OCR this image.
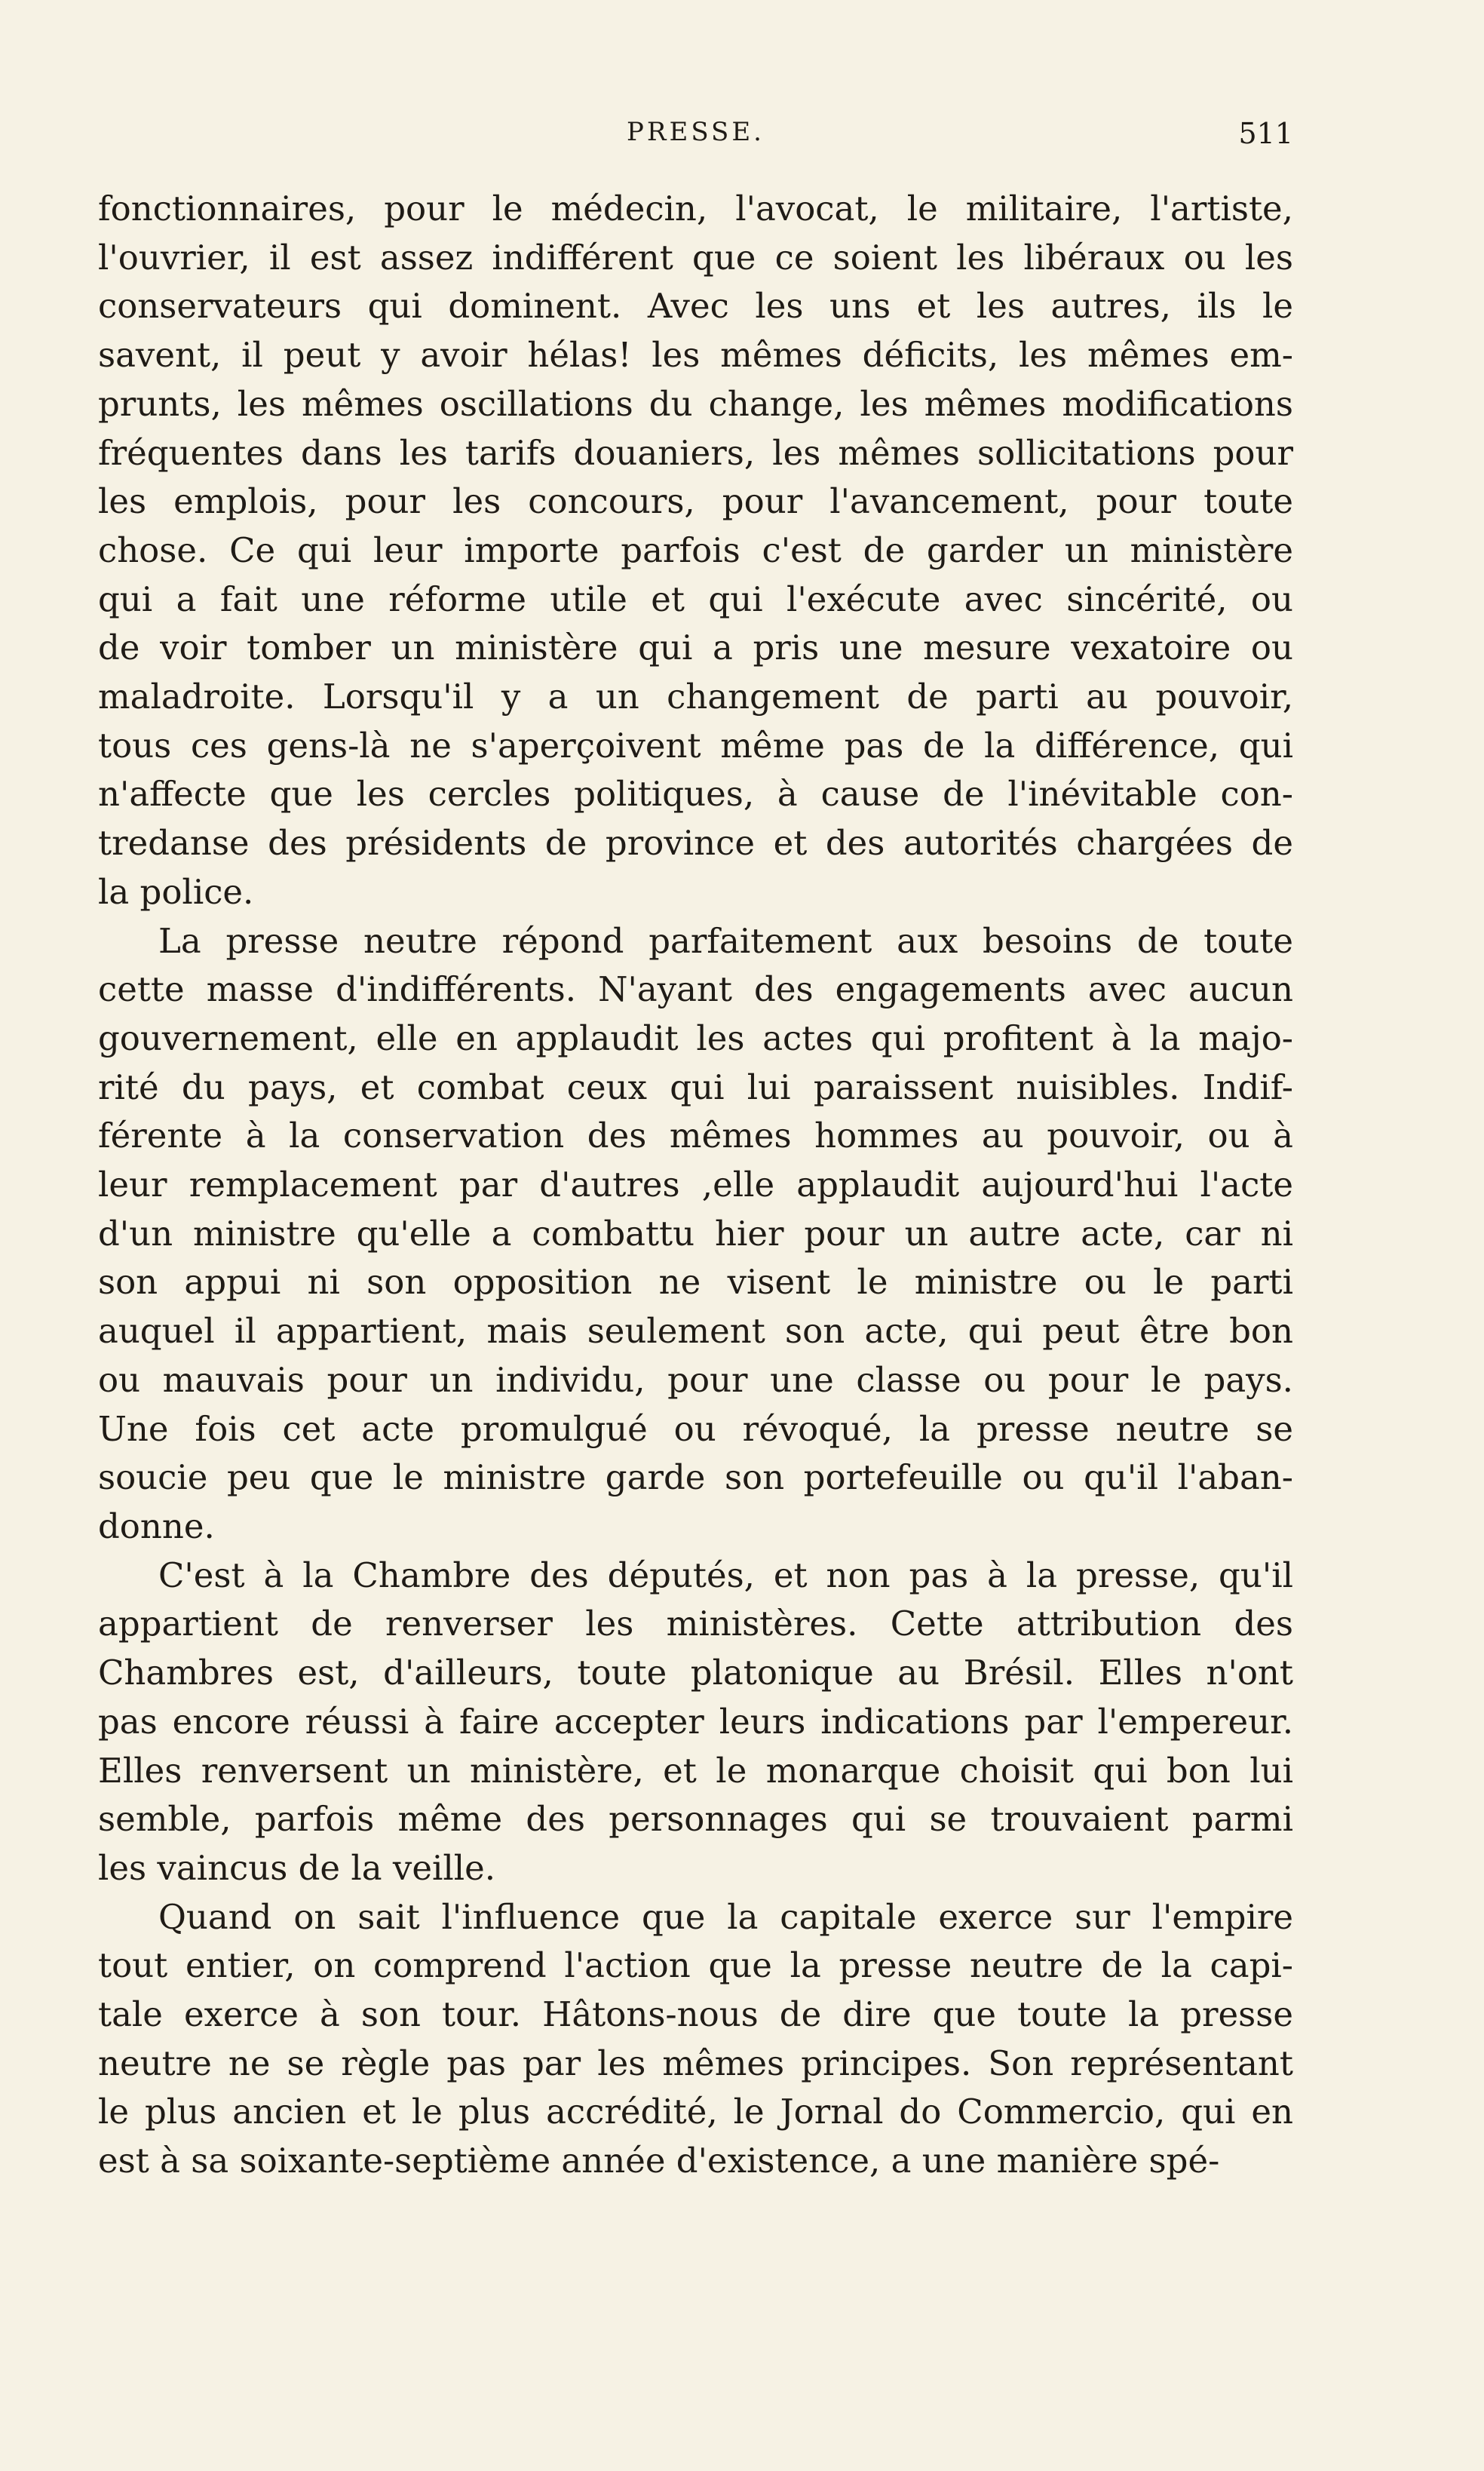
PRESSE.	511

fonctionnaires, pour le médecin, l'avocat, le militaire, l'artiste,
l'ouvrier, il est assez indifférent que ce soient les libéraux ou les
conservateurs qui dominent. Avec les uns et les autres, ils le
savent, il peut y avoir hélas! les mêmes déficits, les mêmes em-
prunts, les mêmes oscillations du change, les mêmes modifications
fréquentes dans les tarifs douaniers, les mêmes sollicitations pour
les emplois, pour les concours, pour l'avancement, pour toute
chose. Ce qui leur importe parfois c'est de garder un ministère
qui a fait une réforme utile et qui l'exécute avec sincérité, ou
de voir tomber un ministère qui a pris une mesure vexatoire ou
maladroite. Lorsqu'il y a un changement de parti au pouvoir,
tous ces gens-là ne s'aperçoivent même pas de la différence, qui
n'affecte que les cercles politiques, à cause de l'inévitable con-
tredanse des présidents de province et des autorités chargées de
la police.

La presse neutre répond parfaitement aux besoins de toute
cette masse d'indifférents. N'ayant des engagements avec aucun
gouvernement, elle en applaudit les actes qui profitent à la majo-
rité du pays, et combat ceux qui lui paraissent nuisibles. Indif-
férente à la conservation des mêmes hommes au pouvoir, ou à
leur remplacement par d'autres ,elle applaudit aujourd'hui l'acte
d'un ministre qu'elle a combattu hier pour un autre acte, car ni
son appui ni son opposition ne visent le ministre ou le parti
auquel il appartient, mais seulement son acte, qui peut être bon
ou mauvais pour un individu, pour une classe ou pour le pays.
Une fois cet acte promulgué ou révoqué, la presse neutre se
soucie peu que le ministre garde son portefeuille ou qu'il l'aban-
donne.

C'est à la Chambre des députés, et non pas à la presse, qu'il
appartient de renverser les ministères. Cette attribution des
Chambres est, d'ailleurs, toute platonique au Brésil. Elles n'ont
pas encore réussi à faire accepter leurs indications par l'empereur.
Elles renversent un ministère, et le monarque choisit qui bon lui
semble, parfois même des personnages qui se trouvaient parmi
les vaincus de la veille.

Quand on sait l'influence que la capitale exerce sur l'empire
tout entier, on comprend l'action que la presse neutre de la capi-
tale exerce à son tour. Hâtons-nous de dire que toute la presse
neutre ne se règle pas par les mêmes principes. Son représentant
le plus ancien et le plus accrédité, le Jornal do Commercio, qui en
est à sa soixante-septième année d'existence, a une manière spé-
